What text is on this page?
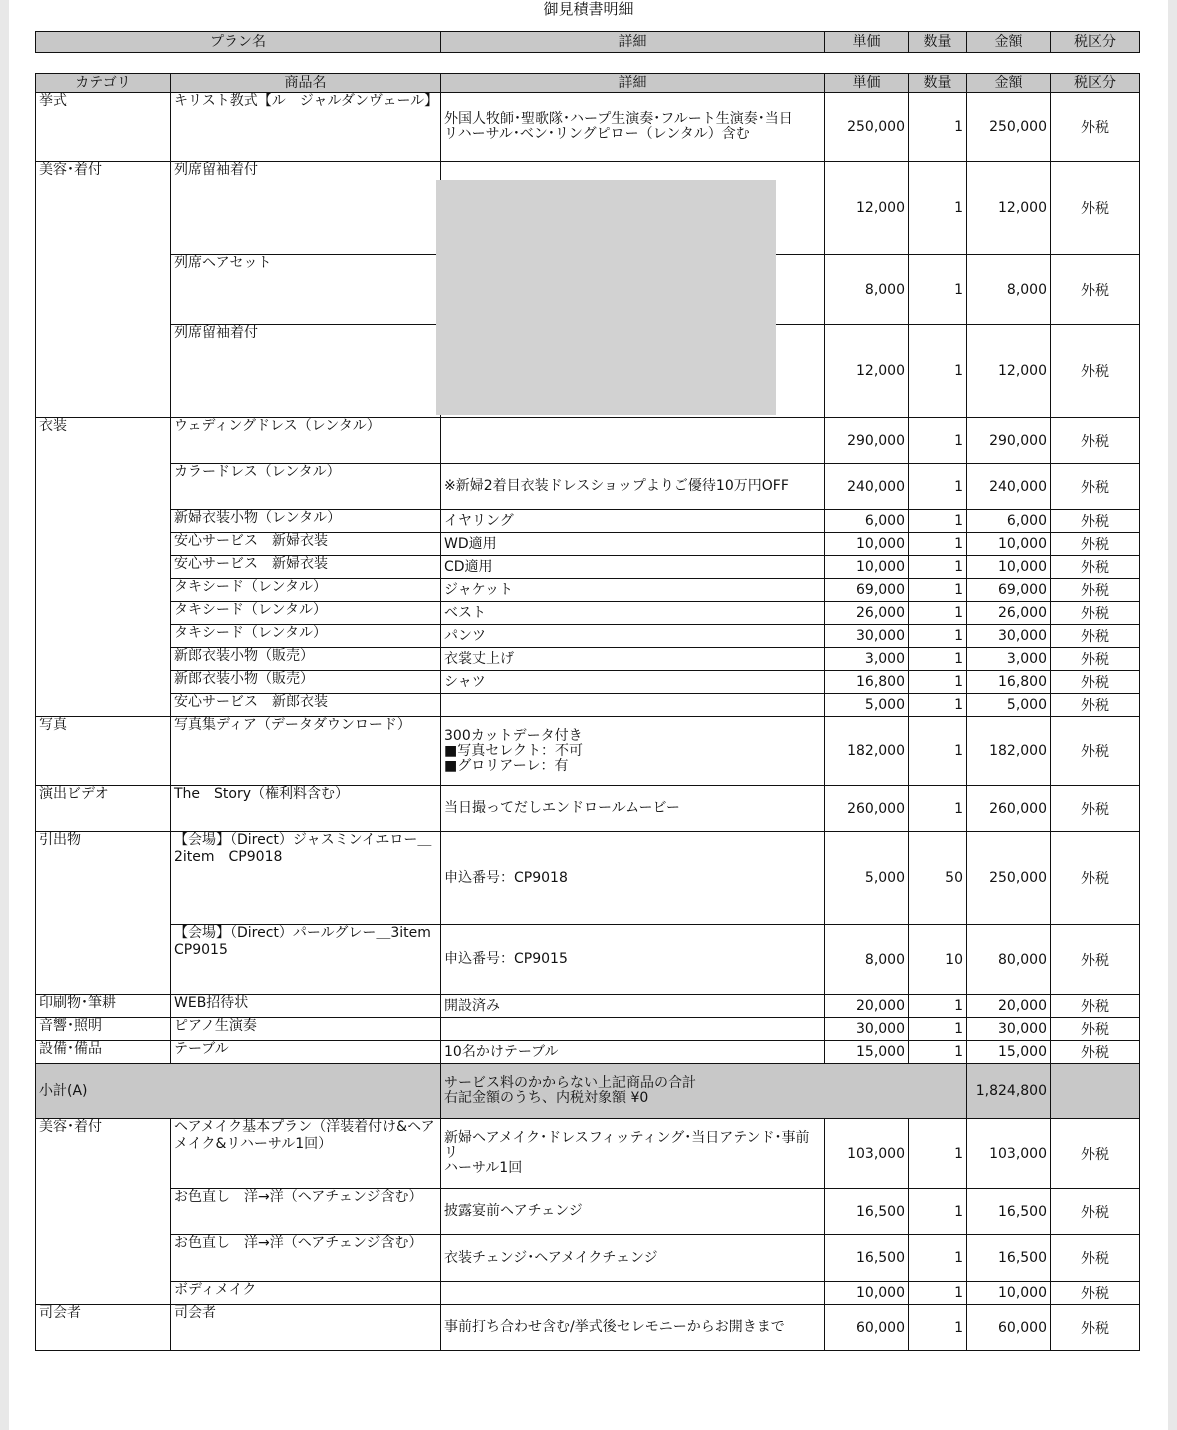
御見積書明細
プラン名	詳細	単価	数量	金額	税区分
カテゴリ	商品名	詳細	単価	数量	金額	税区分
挙式	キリスト教式【ル　ジャルダンヴェール】	外国人牧師･聖歌隊･ハープ生演奏･フルート生演奏･当日
リハーサル･ベン･リングピロー（レンタル）含む	250,000	1	250,000	外税
美容･着付	列席留袖着付		12,000	1	12,000	外税
	列席ヘアセット		8,000	1	8,000	外税
	列席留袖着付		12,000	1	12,000	外税
衣装	ウェディングドレス（レンタル）		290,000	1	290,000	外税
	カラードレス（レンタル）	※新婦2着目衣装ドレスショップよりご優待10万円OFF	240,000	1	240,000	外税
	新婦衣装小物（レンタル）	イヤリング	6,000	1	6,000	外税
	安心サービス　新婦衣装	WD適用	10,000	1	10,000	外税
	安心サービス　新婦衣装	CD適用	10,000	1	10,000	外税
	タキシード（レンタル）	ジャケット	69,000	1	69,000	外税
	タキシード（レンタル）	ベスト	26,000	1	26,000	外税
	タキシード（レンタル）	パンツ	30,000	1	30,000	外税
	新郎衣装小物（販売）	衣裳丈上げ	3,000	1	3,000	外税
	新郎衣装小物（販売）	シャツ	16,800	1	16,800	外税
	安心サービス　新郎衣装		5,000	1	5,000	外税
写真	写真集ディア（データダウンロード）	300カットデータ付き
■写真セレクト：不可
■グロリアーレ：有	182,000	1	182,000	外税
演出ビデオ	The　Story（権利料含む）	当日撮ってだしエンドロールムービー	260,000	1	260,000	外税
引出物	【会場】（Direct）ジャスミンイエロー＿2item　CP9018	申込番号：CP9018	5,000	50	250,000	外税
	【会場】（Direct）パールグレー＿3item　CP9015	申込番号：CP9015	8,000	10	80,000	外税
印刷物･筆耕	WEB招待状	開設済み	20,000	1	20,000	外税
音響･照明	ピアノ生演奏		30,000	1	30,000	外税
設備･備品	テーブル	10名かけテーブル	15,000	1	15,000	外税
小計(A)		サービス料のかからない上記商品の合計
右記金額のうち、内税対象額 ¥0			1,824,800	
美容･着付	ヘアメイク基本プラン（洋装着付け&ヘアメイク&リハーサル1回）	新婦ヘアメイク･ドレスフィッティング･当日アテンド･事前リ
ハーサル1回	103,000	1	103,000	外税
	お色直し　洋→洋（ヘアチェンジ含む）	披露宴前ヘアチェンジ	16,500	1	16,500	外税
	お色直し　洋→洋（ヘアチェンジ含む）	衣装チェンジ･ヘアメイクチェンジ	16,500	1	16,500	外税
	ボディメイク		10,000	1	10,000	外税
司会者	司会者	事前打ち合わせ含む/挙式後セレモニーからお開きまで	60,000	1	60,000	外税
